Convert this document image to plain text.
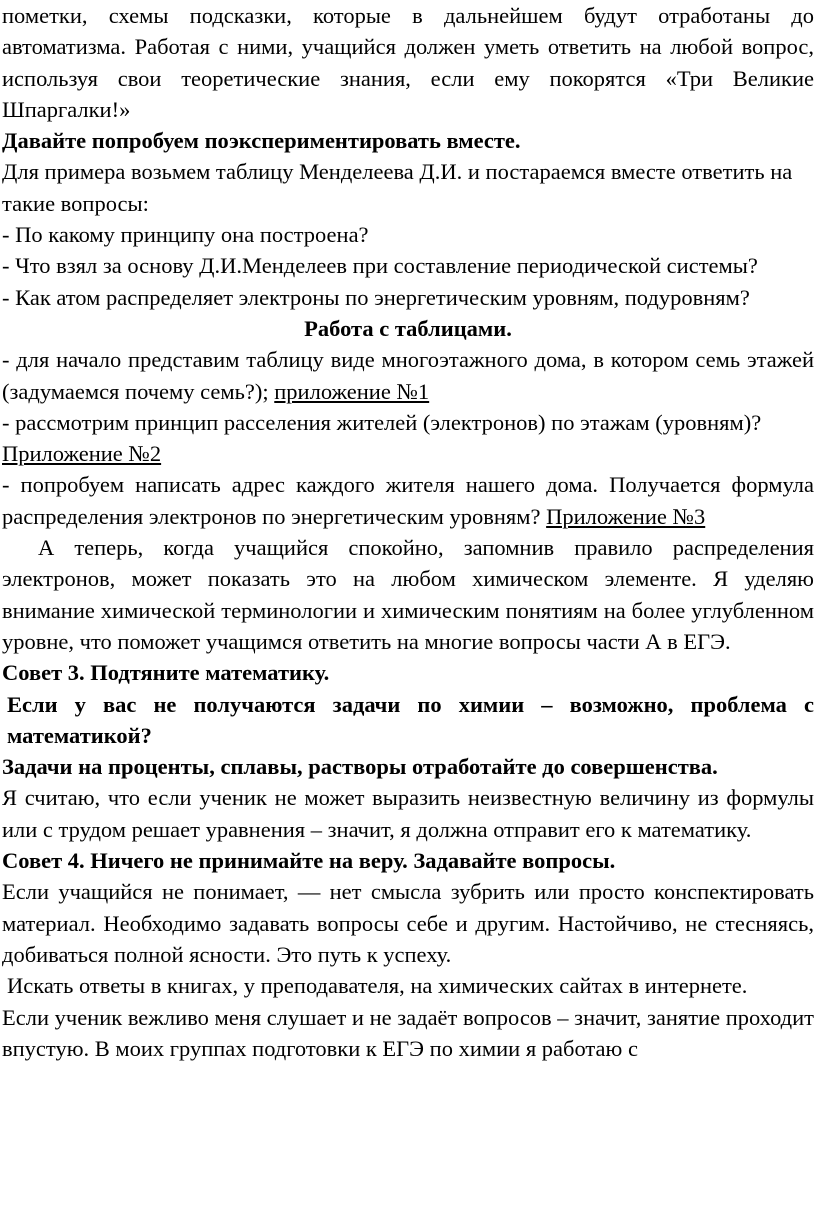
пометки, схемы подсказки, которые в дальнейшем будут отработаны до автоматизма. Работая с ними, учащийся должен уметь ответить на любой вопрос, используя свои теоретические знания, если ему покорятся «Три Великие Шпаргалки!»

Давайте попробуем поэкспериментировать вместе.

Для примера возьмем таблицу Менделеева Д.И. и постараемся вместе ответить на такие вопросы:

- По какому принципу она построена?

- Что взял за основу Д.И.Менделеев при составление периодической системы?

- Как атом распределяет электроны по энергетическим уровням, подуровням?

Работа с таблицами.

- для начало представим таблицу виде многоэтажного дома, в котором семь этажей (задумаемся почему семь?); приложение №1

- рассмотрим принцип расселения жителей (электронов) по этажам (уровням)? Приложение №2

- попробуем написать адрес каждого жителя нашего дома. Получается формула распределения электронов по энергетическим уровням? Приложение №3

А теперь, когда учащийся спокойно, запомнив правило распределения электронов, может показать это на любом химическом элементе. Я уделяю внимание химической терминологии и химическим понятиям на более углубленном уровне, что поможет учащимся ответить на многие вопросы части А в ЕГЭ.

Совет 3. Подтяните математику.

Если у вас не получаются задачи по химии – возможно, проблема с математикой?

Задачи на проценты, сплавы, растворы отработайте до совершенства.

Я считаю, что если ученик не может выразить неизвестную величину из формулы или с трудом решает уравнения – значит, я должна отправит его к математику.

Совет 4. Ничего не принимайте на веру. Задавайте вопросы.

Если учащийся не понимает, — нет смысла зубрить или просто конспектировать материал. Необходимо задавать вопросы себе и другим. Настойчиво, не стесняясь, добиваться полной ясности. Это путь к успеху.

Искать ответы в книгах, у преподавателя, на химических сайтах в интернете.

Если ученик вежливо меня слушает и не задаёт вопросов – значит, занятие проходит впустую. В моих группах подготовки к ЕГЭ по химии я работаю с
